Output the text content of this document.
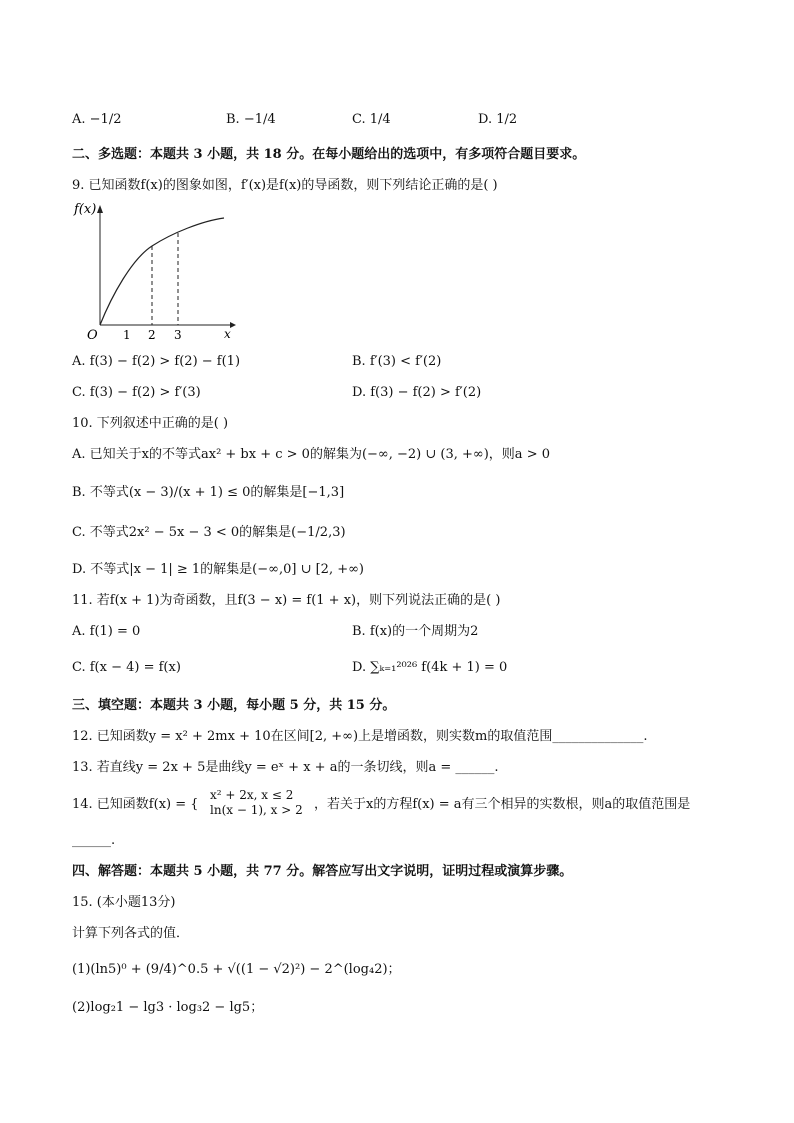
A. −1/2	B. −1/4	C. 1/4	D. 1/2
二、多选题：本题共 3 小题，共 18 分。在每小题给出的选项中，有多项符合题目要求。
9. 已知函数f(x)的图象如图，f′(x)是f(x)的导函数，则下列结论正确的是( )
f(x)
x
O 1 2 3
A. f(3) − f(2) > f(2) − f(1)	B. f′(3) < f′(2)
C. f(3) − f(2) > f′(3)	D. f(3) − f(2) > f′(2)
10. 下列叙述中正确的是( )
A. 已知关于x的不等式ax² + bx + c > 0的解集为(−∞, −2) ∪ (3, +∞)，则a > 0
B. 不等式(x − 3)/(x + 1) ≤ 0的解集是[−1,3]
C. 不等式2x² − 5x − 3 < 0的解集是(−1/2,3)
D. 不等式|x − 1| ≥ 1的解集是(−∞,0] ∪ [2, +∞)
11. 若f(x + 1)为奇函数，且f(3 − x) = f(1 + x)，则下列说法正确的是( )
A. f(1) = 0	B. f(x)的一个周期为2
C. f(x − 4) = f(x)	D. ∑ₖ₌₁²⁰²⁶ f(4k + 1) = 0
三、填空题：本题共 3 小题，每小题 5 分，共 15 分。
12. 已知函数y = x² + 2mx + 10在区间[2, +∞)上是增函数，则实数m的取值范围______________.
13. 若直线y = 2x + 5是曲线y = eˣ + x + a的一条切线，则a = ______.
14. 已知函数f(x) = {
x² + 2x, x ≤ 2
ln(x − 1), x > 2 ，若关于x的方程f(x) = a有三个相异的实数根，则a的取值范围是
______.
四、解答题：本题共 5 小题，共 77 分。解答应写出文字说明，证明过程或演算步骤。
15. (本小题13分)
计算下列各式的值．
(1)(ln5)⁰ + (9/4)^0.5 + √((1 − √2)²) − 2^(log₄2)；
(2)log₂1 − lg3 · log₃2 − lg5；
